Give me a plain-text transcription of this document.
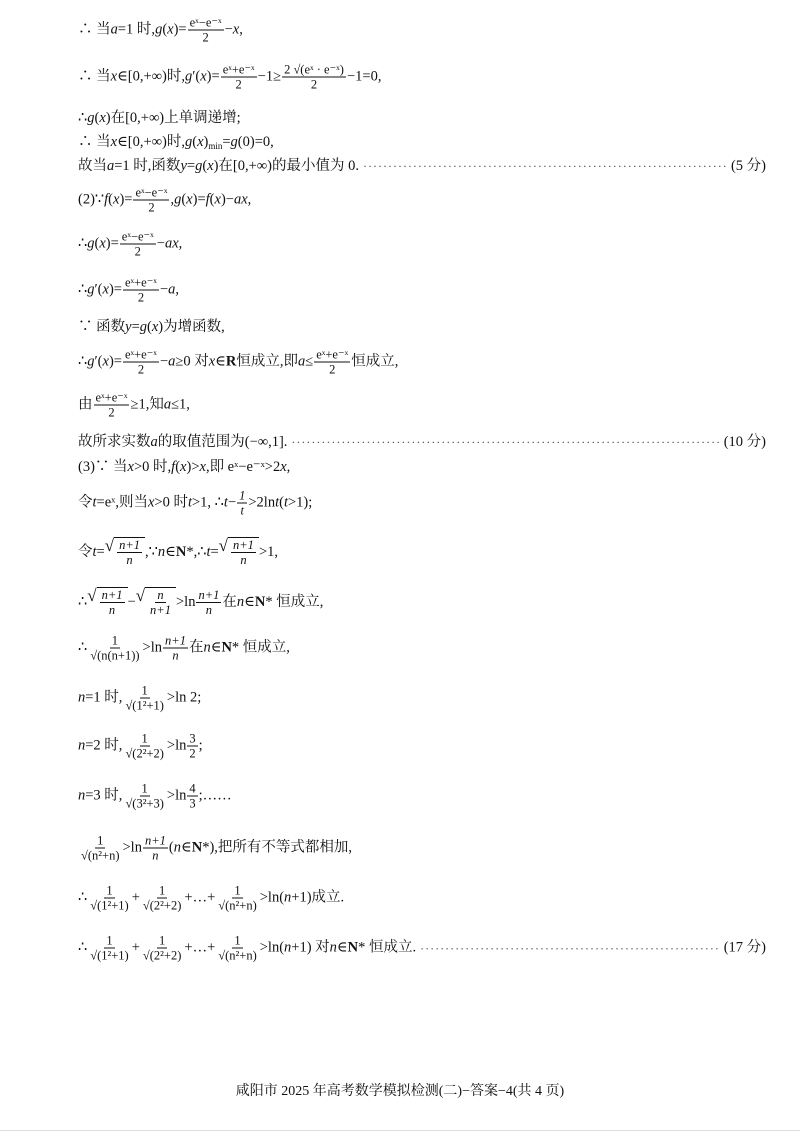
∴ 当 a =1 时, g ( x )= $\frac{\text{eˣ−e⁻ˣ}}{2} - x$ ,
∴ 当 x ∈[0,+∞)时, g ′( x )= $\frac{\text{eˣ+e⁻ˣ}}{2} -1\ge \frac{\text{2 √(eˣ · e⁻ˣ)}}{2} -1=0$,
∴ g ( x )在[0,+∞)上单调递增;
∴ 当 x ∈[0,+∞)时, g ( x ) min = g (0)=0,
故当 a =1 时,函数 y = g ( x )在[0,+∞)的最小值为 0. ·····	(5 分)
(2)∵ f ( x )= $\frac{\text{eˣ−e⁻ˣ}}{2}$ , g ( x )= f ( x )− ax ,
∴ g ( x )= $\frac{\text{eˣ−e⁻ˣ}}{2}$ − ax ,
∴ g ′( x )= $\frac{\text{eˣ+e⁻ˣ}}{2} - a$ ,
∵ 函数 y = g ( x )为增函数,
∴ g ′( x )= $\frac{\text{eˣ+e⁻ˣ}}{2} - a \ge 0$ 对 x ∈ R 恒成立,即 $a \le \frac{\text{eˣ+e⁻ˣ}}{2}$ 恒成立,
由 $\frac{\text{eˣ+e⁻ˣ}}{2} \ge 1$,知 a ≤1,
故所求实数 a 的取值范围为(−∞,1]. ·····	(10 分)
(3)∵ 当 x >0 时, f ( x )> x ,即 eˣ−e⁻ˣ>2 x ,
令 t =eˣ,则当 x >0 时 t >1, ∴ $t - \frac{1}{t} >2\ln$ t ( t >1);
令 t = √ $\frac{n+1}{n}$ ,∵ n ∈ N * ,∴ t = √ $\frac{n+1}{n} >1$,
∴ √ $\frac{n+1}{n}$ − √ $\frac{n}{n+1} >\ln \frac{n+1}{n}$ 在 n ∈ N * 恒成立,
∴ $\frac{1}{√(n(n+1))} >\ln \frac{n+1}{n}$ 在 n ∈ N * 恒成立,
n =1 时, $\frac{1}{\text{√(1²+1)}} >\ln$ 2;
n =2 时, $\frac{1}{\text{√(2²+2)}} >\ln \frac{3}{2}$ ;
n =3 时, $\frac{1}{\text{√(3²+3)}} >\ln \frac{4}{3}$ ;……
$\frac{1}{\text{√(n²+n)}} >\ln \frac{n+1}{n}$ ( n ∈ N *),把所有不等式都相加,
∴ $\frac{1}{\text{√(1²+1)}} + \frac{1}{\text{√(2²+2)}}$ +…+ $\frac{1}{\text{√(n²+n)}} >\ln$( n +1)成立.
∴ $\frac{1}{\text{√(1²+1)}} + \frac{1}{\text{√(2²+2)}}$ +…+ $\frac{1}{\text{√(n²+n)}} >\ln$( n +1) 对 n ∈ N * 恒成立. ·····	(17 分)
咸阳市 2025 年高考数学模拟检测(二)−答案−4(共 4 页)
